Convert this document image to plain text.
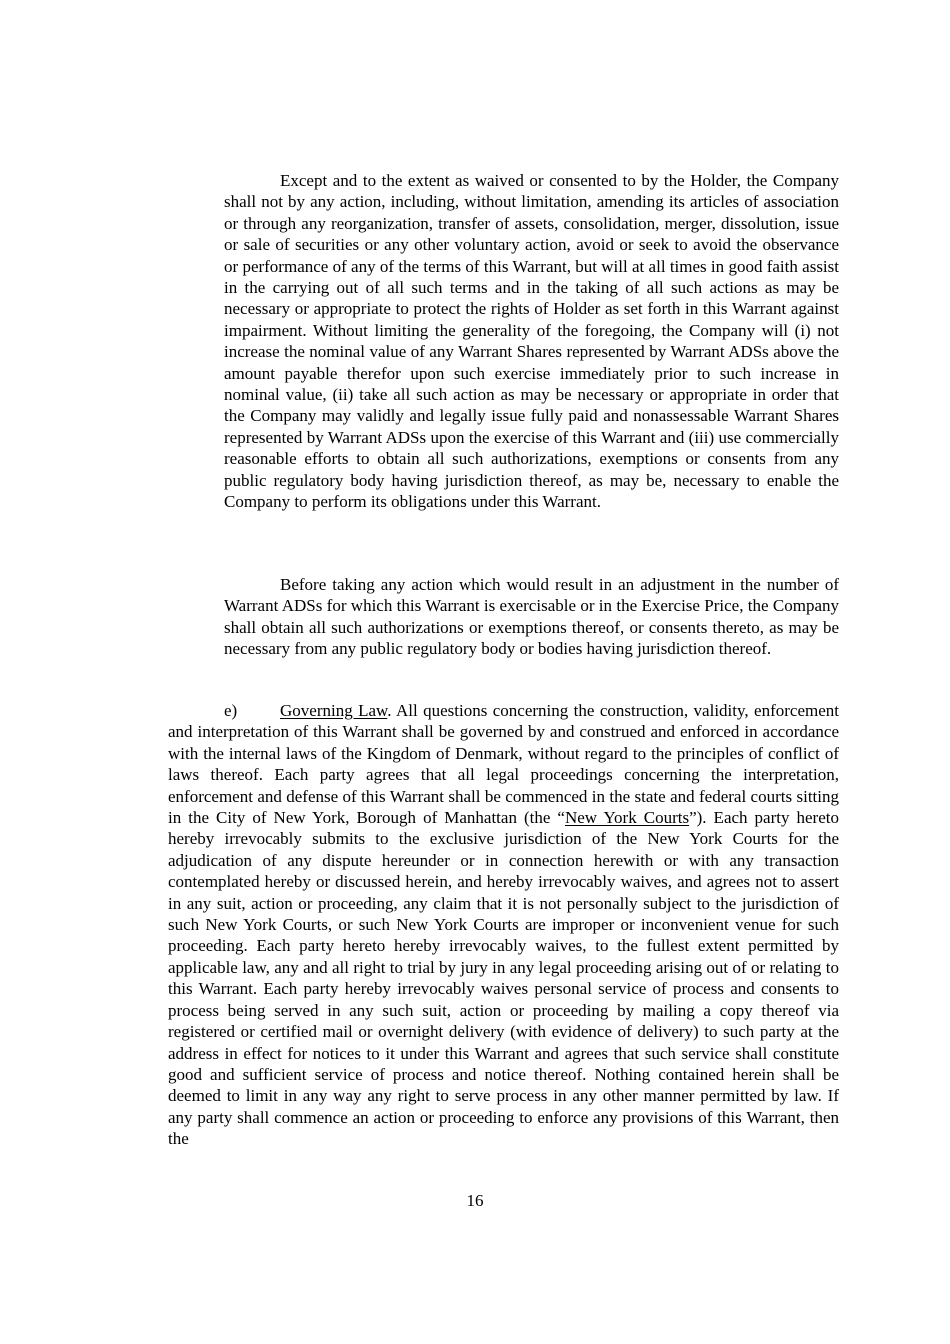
Except and to the extent as waived or consented to by the Holder, the Company shall not by any action, including, without limitation, amending its articles of association or through any reorganization, transfer of assets, consolidation, merger, dissolution, issue or sale of securities or any other voluntary action, avoid or seek to avoid the observance or performance of any of the terms of this Warrant, but will at all times in good faith assist in the carrying out of all such terms and in the taking of all such actions as may be necessary or appropriate to protect the rights of Holder as set forth in this Warrant against impairment. Without limiting the generality of the foregoing, the Company will (i) not increase the nominal value of any Warrant Shares represented by Warrant ADSs above the amount payable therefor upon such exercise immediately prior to such increase in nominal value, (ii) take all such action as may be necessary or appropriate in order that the Company may validly and legally issue fully paid and nonassessable Warrant Shares represented by Warrant ADSs upon the exercise of this Warrant and (iii) use commercially reasonable efforts to obtain all such authorizations, exemptions or consents from any public regulatory body having jurisdiction thereof, as may be, necessary to enable the Company to perform its obligations under this Warrant.

Before taking any action which would result in an adjustment in the number of Warrant ADSs for which this Warrant is exercisable or in the Exercise Price, the Company shall obtain all such authorizations or exemptions thereof, or consents thereto, as may be necessary from any public regulatory body or bodies having jurisdiction thereof.

e)	Governing Law. All questions concerning the construction, validity, enforcement and interpretation of this Warrant shall be governed by and construed and enforced in accordance with the internal laws of the Kingdom of Denmark, without regard to the principles of conflict of laws thereof. Each party agrees that all legal proceedings concerning the interpretation, enforcement and defense of this Warrant shall be commenced in the state and federal courts sitting in the City of New York, Borough of Manhattan (the “New York Courts”). Each party hereto hereby irrevocably submits to the exclusive jurisdiction of the New York Courts for the adjudication of any dispute hereunder or in connection herewith or with any transaction contemplated hereby or discussed herein, and hereby irrevocably waives, and agrees not to assert in any suit, action or proceeding, any claim that it is not personally subject to the jurisdiction of such New York Courts, or such New York Courts are improper or inconvenient venue for such proceeding. Each party hereto hereby irrevocably waives, to the fullest extent permitted by applicable law, any and all right to trial by jury in any legal proceeding arising out of or relating to this Warrant. Each party hereby irrevocably waives personal service of process and consents to process being served in any such suit, action or proceeding by mailing a copy thereof via registered or certified mail or overnight delivery (with evidence of delivery) to such party at the address in effect for notices to it under this Warrant and agrees that such service shall constitute good and sufficient service of process and notice thereof. Nothing contained herein shall be deemed to limit in any way any right to serve process in any other manner permitted by law. If any party shall commence an action or proceeding to enforce any provisions of this Warrant, then the

16
